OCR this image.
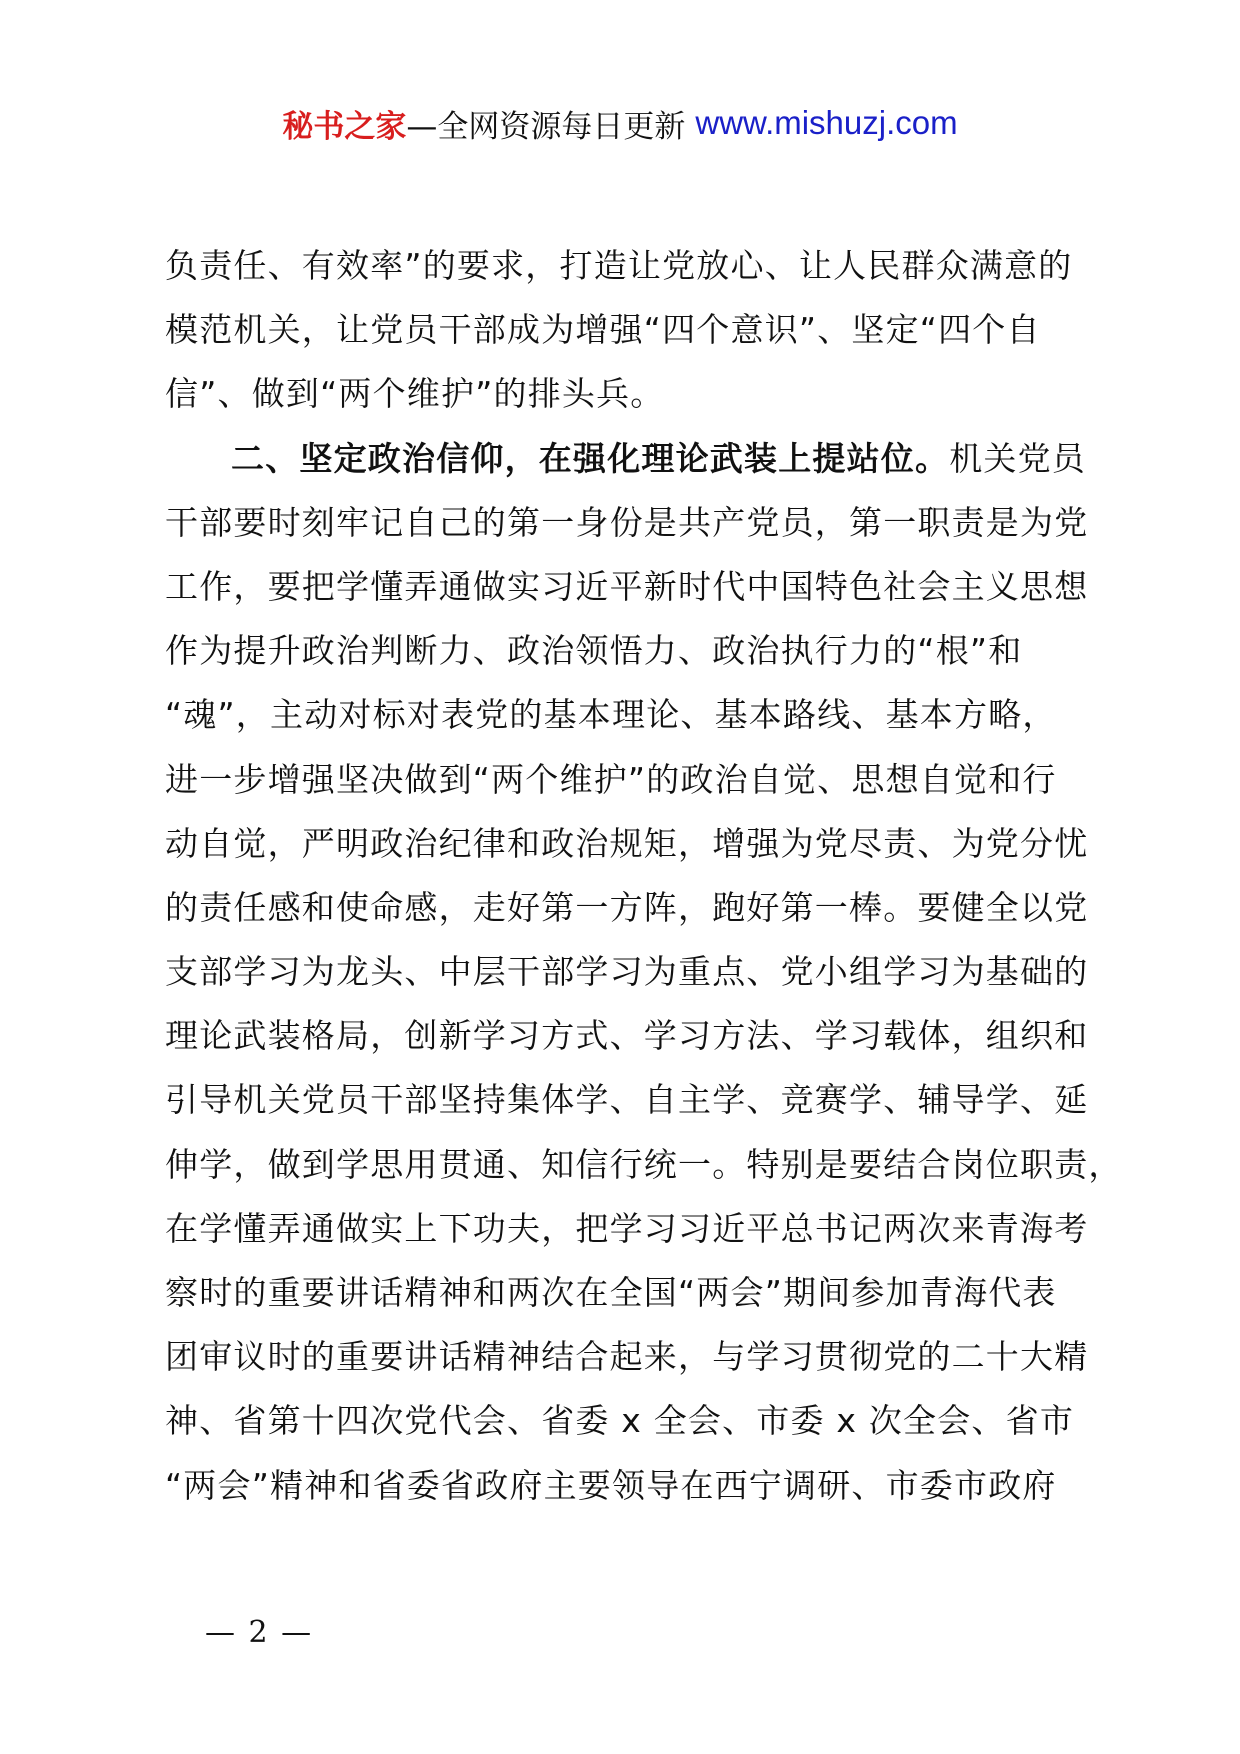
秘书之家 —全网资源每日更新 www.mishuzj.com
负责任、有效率”的要求，打造让党放心、让人民群众满意的
模范机关，让党员干部成为增强“四个意识”、坚定“四个自
信”、做到“两个维护”的排头兵。
二、坚定政治信仰，在强化理论武装上提站位。机关党员
干部要时刻牢记自己的第一身份是共产党员，第一职责是为党
工作，要把学懂弄通做实习近平新时代中国特色社会主义思想
作为提升政治判断力、政治领悟力、政治执行力的“根”和
“魂”，主动对标对表党的基本理论、基本路线、基本方略，
进一步增强坚决做到“两个维护”的政治自觉、思想自觉和行
动自觉，严明政治纪律和政治规矩，增强为党尽责、为党分忧
的责任感和使命感，走好第一方阵，跑好第一棒。要健全以党
支部学习为龙头、中层干部学习为重点、党小组学习为基础的
理论武装格局，创新学习方式、学习方法、学习载体，组织和
引导机关党员干部坚持集体学、自主学、竞赛学、辅导学、延
伸学，做到学思用贯通、知信行统一。特别是要结合岗位职责，
在学懂弄通做实上下功夫，把学习习近平总书记两次来青海考
察时的重要讲话精神和两次在全国“两会”期间参加青海代表
团审议时的重要讲话精神结合起来，与学习贯彻党的二十大精
神、省第十四次党代会、省委 x 全会、市委 x 次全会、省市
“两会”精神和省委省政府主要领导在西宁调研、市委市政府
— 2 —
